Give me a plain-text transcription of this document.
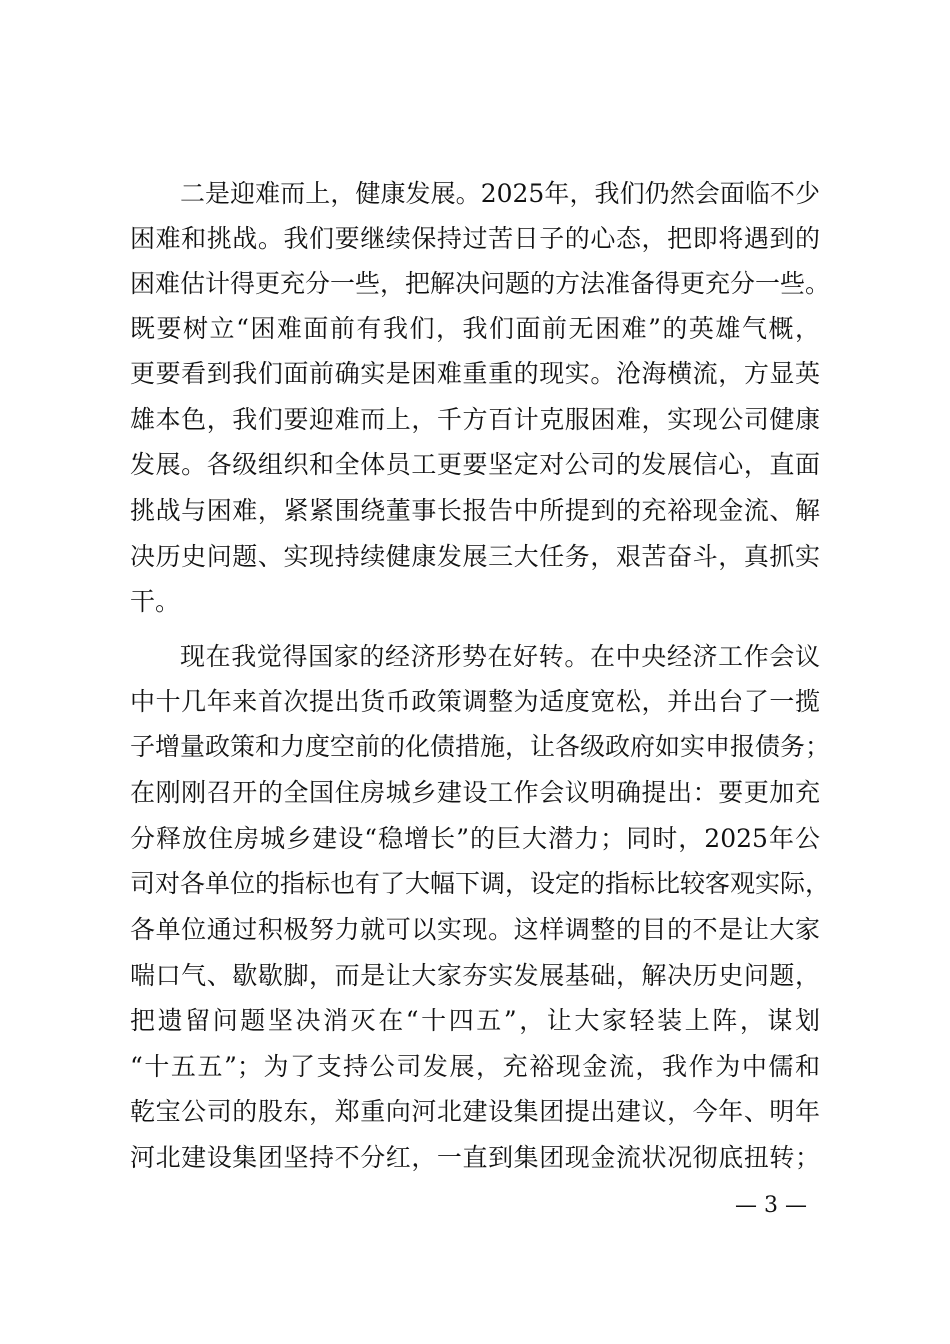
二是迎难而上，健康发展。2025年，我们仍然会面临不少
困难和挑战。我们要继续保持过苦日子的心态，把即将遇到的
困难估计得更充分一些，把解决问题的方法准备得更充分一些。
既要树立“困难面前有我们，我们面前无困难”的英雄气概，
更要看到我们面前确实是困难重重的现实。沧海横流，方显英
雄本色，我们要迎难而上，千方百计克服困难，实现公司健康
发展。各级组织和全体员工更要坚定对公司的发展信心，直面
挑战与困难，紧紧围绕董事长报告中所提到的充裕现金流、解
决历史问题、实现持续健康发展三大任务，艰苦奋斗，真抓实
干。
现在我觉得国家的经济形势在好转。在中央经济工作会议
中十几年来首次提出货币政策调整为适度宽松，并出台了一揽
子增量政策和力度空前的化债措施，让各级政府如实申报债务；
在刚刚召开的全国住房城乡建设工作会议明确提出：要更加充
分释放住房城乡建设“稳增长”的巨大潜力；同时，2025年公
司对各单位的指标也有了大幅下调，设定的指标比较客观实际，
各单位通过积极努力就可以实现。这样调整的目的不是让大家
喘口气、歇歇脚，而是让大家夯实发展基础，解决历史问题，
把遗留问题坚决消灭在“十四五”，让大家轻装上阵，谋划
“十五五”；为了支持公司发展，充裕现金流，我作为中儒和
乾宝公司的股东，郑重向河北建设集团提出建议，今年、明年
河北建设集团坚持不分红，一直到集团现金流状况彻底扭转；
— 3 —
